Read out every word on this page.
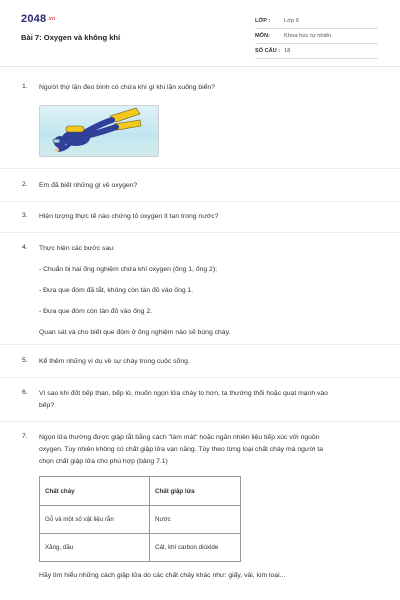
$2048^{.vn}$
Bài 7: Oxygen và không khí
LỚP :	Lớp 6
MÔN:	Khoa học tự nhiên
SỐ CÂU : 18
1.	Người thợ lặn đeo bình có chứa khí gì khi lặn xuống biển?
2.	Em đã biết những gì về oxygen?
3.	Hiện tượng thực tế nào chứng tỏ oxygen ít tan trong nước?
4.	Thực hiện các bước sau:
- Chuẩn bị hai ống nghiệm chứa khí oxygen (ống 1, ống 2);
- Đưa que đóm đã tắt, không còn tàn đỏ vào ống 1.
- Đưa que đóm còn tàn đỏ vào ống 2.
Quan sát và cho biết que đóm ở ống nghiệm nào sẽ bùng cháy.
5.	Kể thêm những ví dụ về sự cháy trong cuộc sống.
6.	Vì sao khi đốt bếp than, bếp lò, muốn ngọn lửa cháy to hơn, ta thường thổi hoặc quạt mạnh vào
bếp?
7.	Ngọn lửa thường được giập tắt bằng cách "làm mát" hoặc ngăn nhiên liệu tiếp xúc với nguồn
oxygen. Tuy nhiên không có chất giập lửa vạn năng. Tùy theo từng loại chất cháy mà người ta
chọn chất giập lửa cho phù hợp (bảng 7.1)
Chất cháy	Chất giập lửa
Gỗ và một số vật liệu rắn	Nước
Xăng, dầu	Cát, khí carbon dioxide
Hãy tìm hiểu những cách giập lửa do các chất cháy khác như: giấy, vải, kim loại...
